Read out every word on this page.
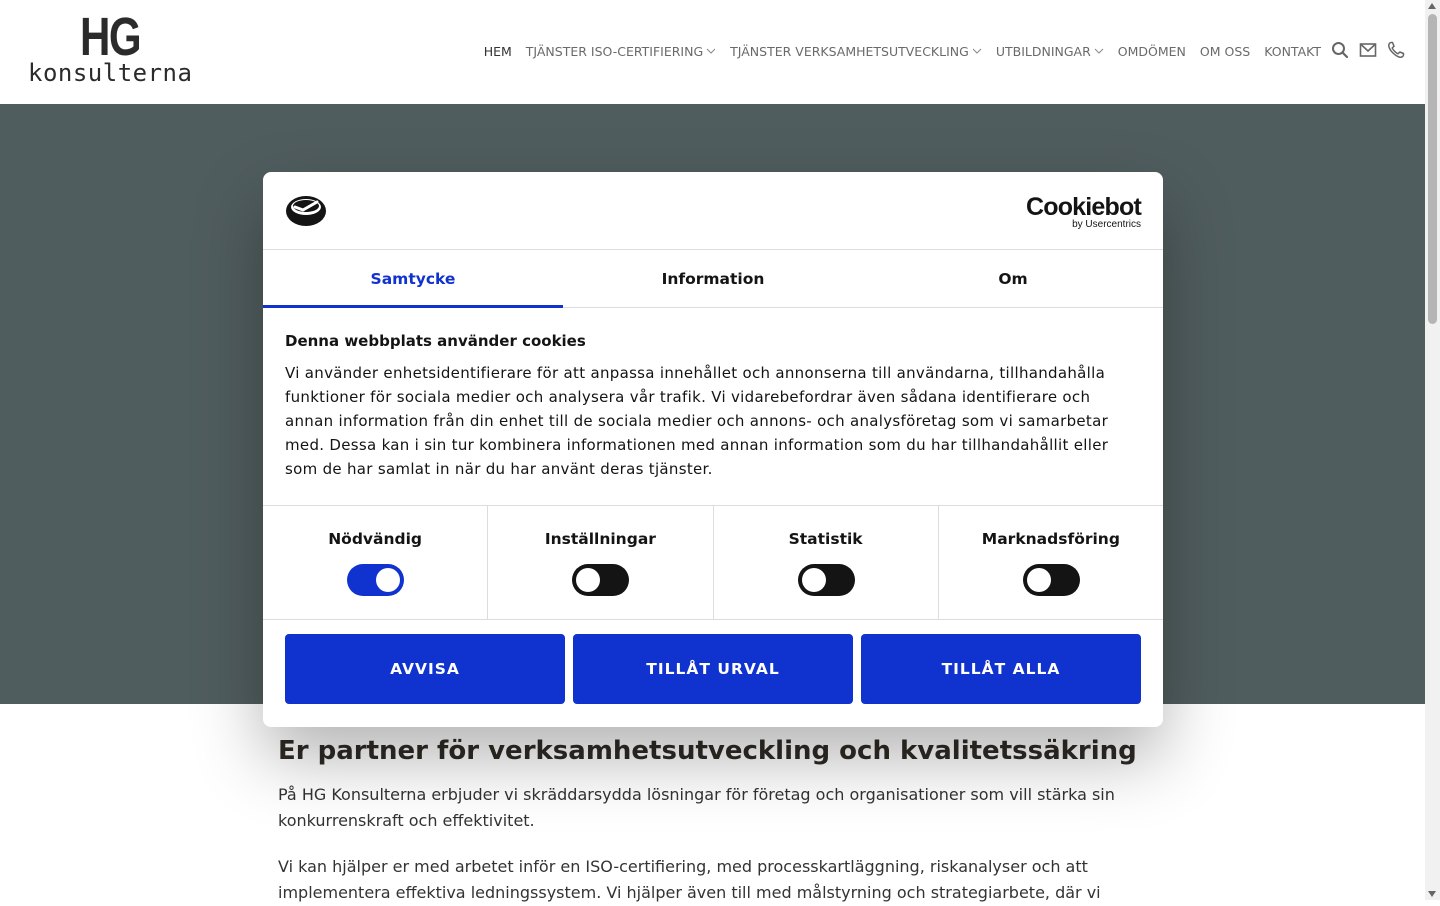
HG
konsulterna
HEM TJÄNSTER ISO-CERTIFIERING TJÄNSTER VERKSAMHETSUTVECKLING UTBILDNINGAR OMDÖMEN OM OSS KONTAKT
Er partner för verksamhetsutveckling och kvalitetssäkring

På HG Konsulterna erbjuder vi skräddarsydda lösningar för företag och organisationer som vill stärka sin konkurrenskraft och effektivitet.

Vi kan hjälper er med arbetet inför en ISO-certifiering, med processkartläggning, riskanalyser och att implementera effektiva ledningssystem. Vi hjälper även till med målstyrning och strategiarbete, där vi

Cookiebot
by Usercentrics
Samtycke	Information	Om
Denna webbplats använder cookies
Vi använder enhetsidentifierare för att anpassa innehållet och annonserna till användarna, tillhandahålla funktioner för sociala medier och analysera vår trafik. Vi vidarebefordrar även sådana identifierare och annan information från din enhet till de sociala medier och annons- och analysföretag som vi samarbetar med. Dessa kan i sin tur kombinera informationen med annan information som du har tillhandahållit eller som de har samlat in när du har använt deras tjänster.
Nödvändig	Inställningar	Statistik	Marknadsföring
AVVISA	TILLÅT URVAL	TILLÅT ALLA
